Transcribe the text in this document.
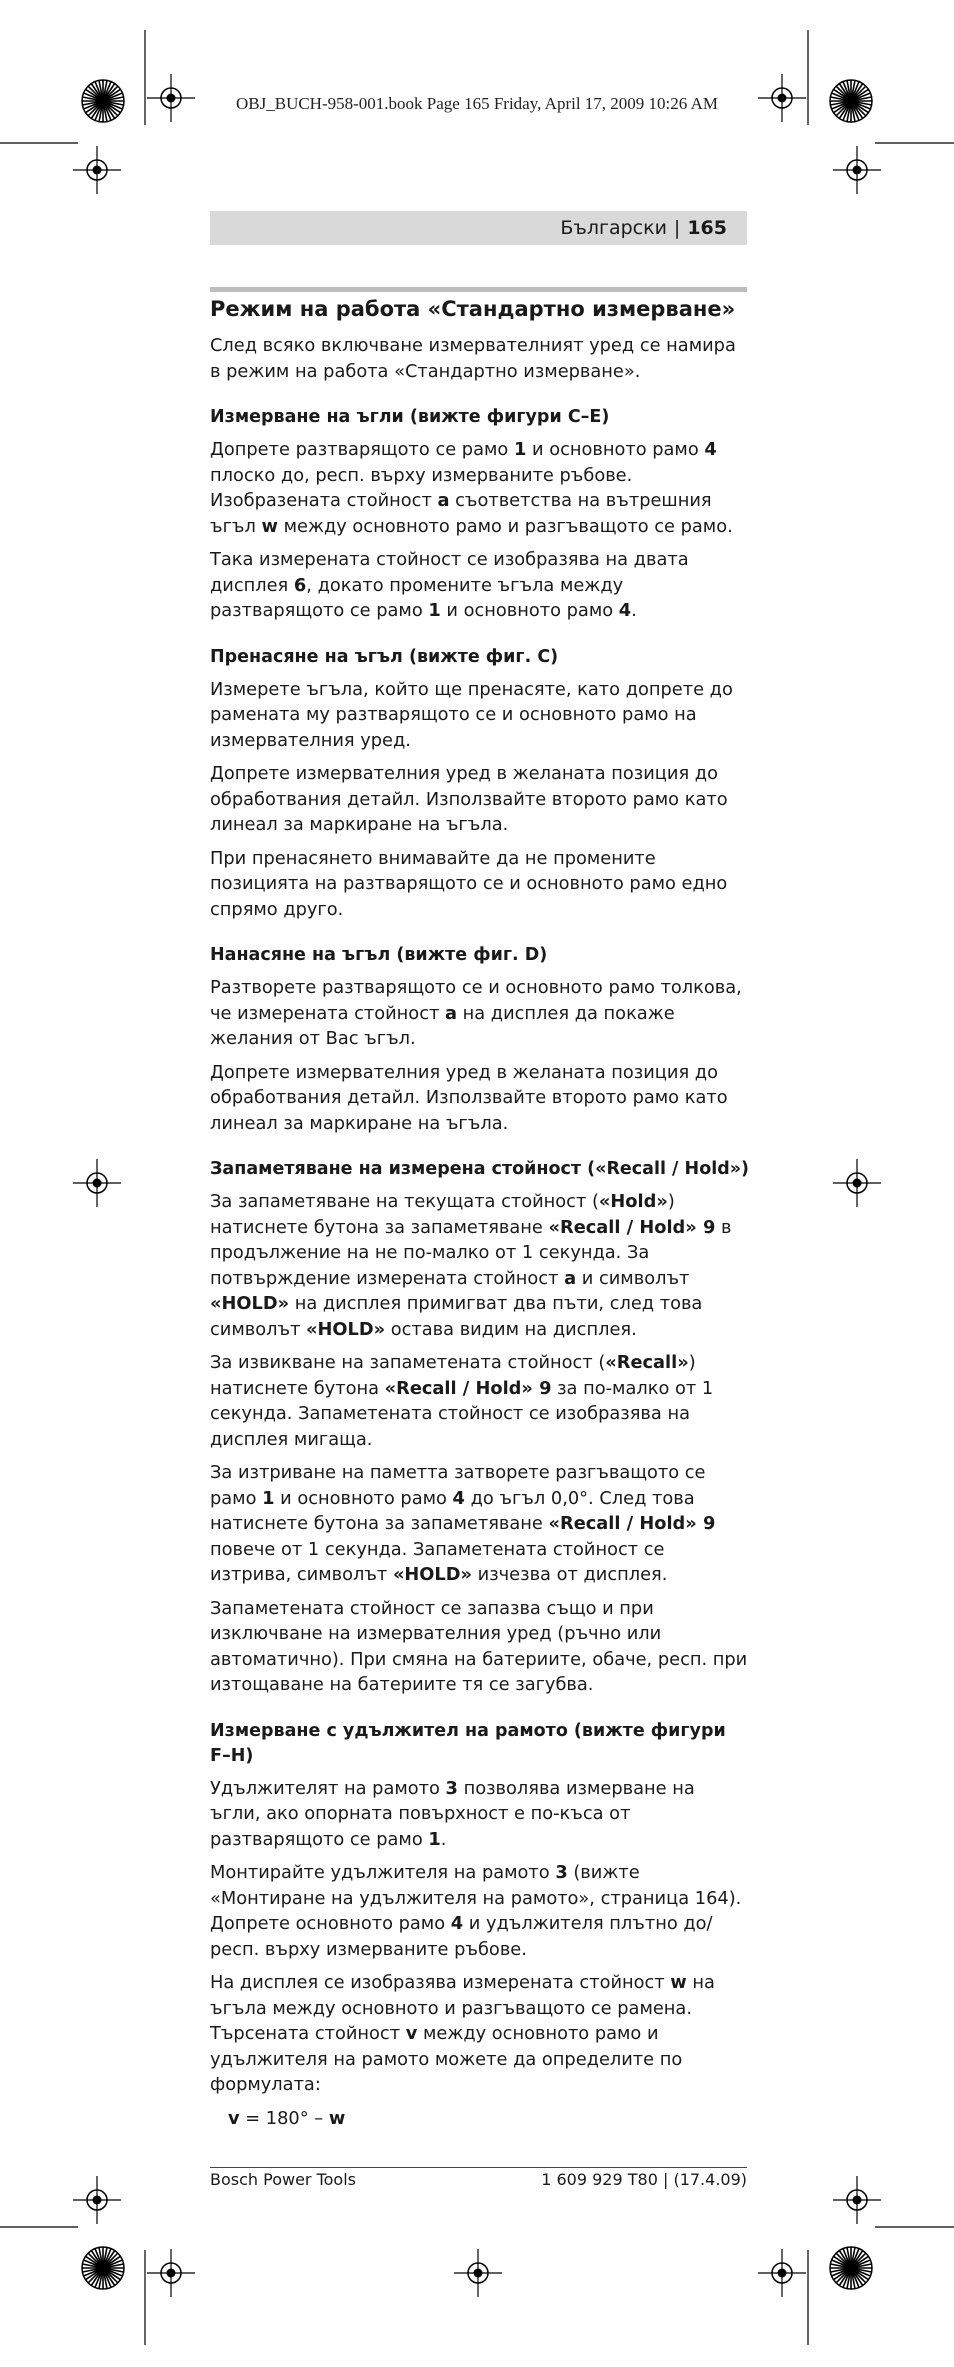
OBJ_BUCH-958-001.book Page 165 Friday, April 17, 2009 10:26 AM
Български | 165
Режим на работа «Стандартно измерване»

След всяко включване измервателният уред се намира в режим на работа «Стандартно измерване».

Измерване на ъгли (вижте фигури C–E)

Допрете разтварящото се рамо 1 и основното рамо 4 плоско до, респ. върху измерваните ръбове. Изобразената стойност a съответства на вътрешния ъгъл w между основното рамо и разгъващото се рамо.

Така измерената стойност се изобразява на двата дисплея 6, докато промените ъгъла между разтварящото се рамо 1 и основното рамо 4.

Пренасяне на ъгъл (вижте фиг. C)

Измерете ъгъла, който ще пренасяте, като допрете до рамената му разтварящото се и основното рамо на измервателния уред.

Допрете измервателния уред в желаната позиция до обработвания детайл. Използвайте второто рамо като линеал за маркиране на ъгъла.

При пренасянето внимавайте да не промените позицията на разтварящото се и основното рамо едно спрямо друго.

Нанасяне на ъгъл (вижте фиг. D)

Разтворете разтварящото се и основното рамо толкова, че измерената стойност a на дисплея да покаже желания от Вас ъгъл.

Допрете измервателния уред в желаната позиция до обработвания детайл. Използвайте второто рамо като линеал за маркиране на ъгъла.

Запаметяване на измерена стойност («Recall / Hold»)

За запаметяване на текущата стойност («Hold») натиснете бутона за запаметяване «Recall / Hold» 9 в продължение на не по-малко от 1 секунда. За потвърждение измерената стойност a и символът «HOLD» на дисплея примигват два пъти, след това символът «HOLD» остава видим на дисплея.

За извикване на запаметената стойност («Recall») натиснете бутона «Recall / Hold» 9 за по-малко от 1 секунда. Запаметената стойност се изобразява на дисплея мигаща.

За изтриване на паметта затворете разгъващото се рамо 1 и основното рамо 4 до ъгъл 0,0°. След това натиснете бутона за запаметяване «Recall / Hold» 9 повече от 1 секунда. Запаметената стойност се изтрива, символът «HOLD» изчезва от дисплея.

Запаметената стойност се запазва също и при изключване на измервателния уред (ръчно или автоматично). При смяна на батериите, обаче, респ. при изтощаване на батериите тя се загубва.

Измерване с удължител на рамото (вижте фигури F–H)

Удължителят на рамото 3 позволява измерване на ъгли, ако опорната повърхност е по-къса от разтварящото се рамо 1.

Монтирайте удължителя на рамото 3 (вижте «Монтиране на удължителя на рамото», страница 164). Допрете основното рамо 4 и удължителя плътно до/респ. върху измерваните ръбове.

На дисплея се изобразява измерената стойност w на ъгъла между основното и разгъващото се рамена. Търсената стойност v между основното рамо и удължителя на рамото можете да определите по формулата:

v = 180° – w

Bosch Power Tools	1 609 929 T80 | (17.4.09)
